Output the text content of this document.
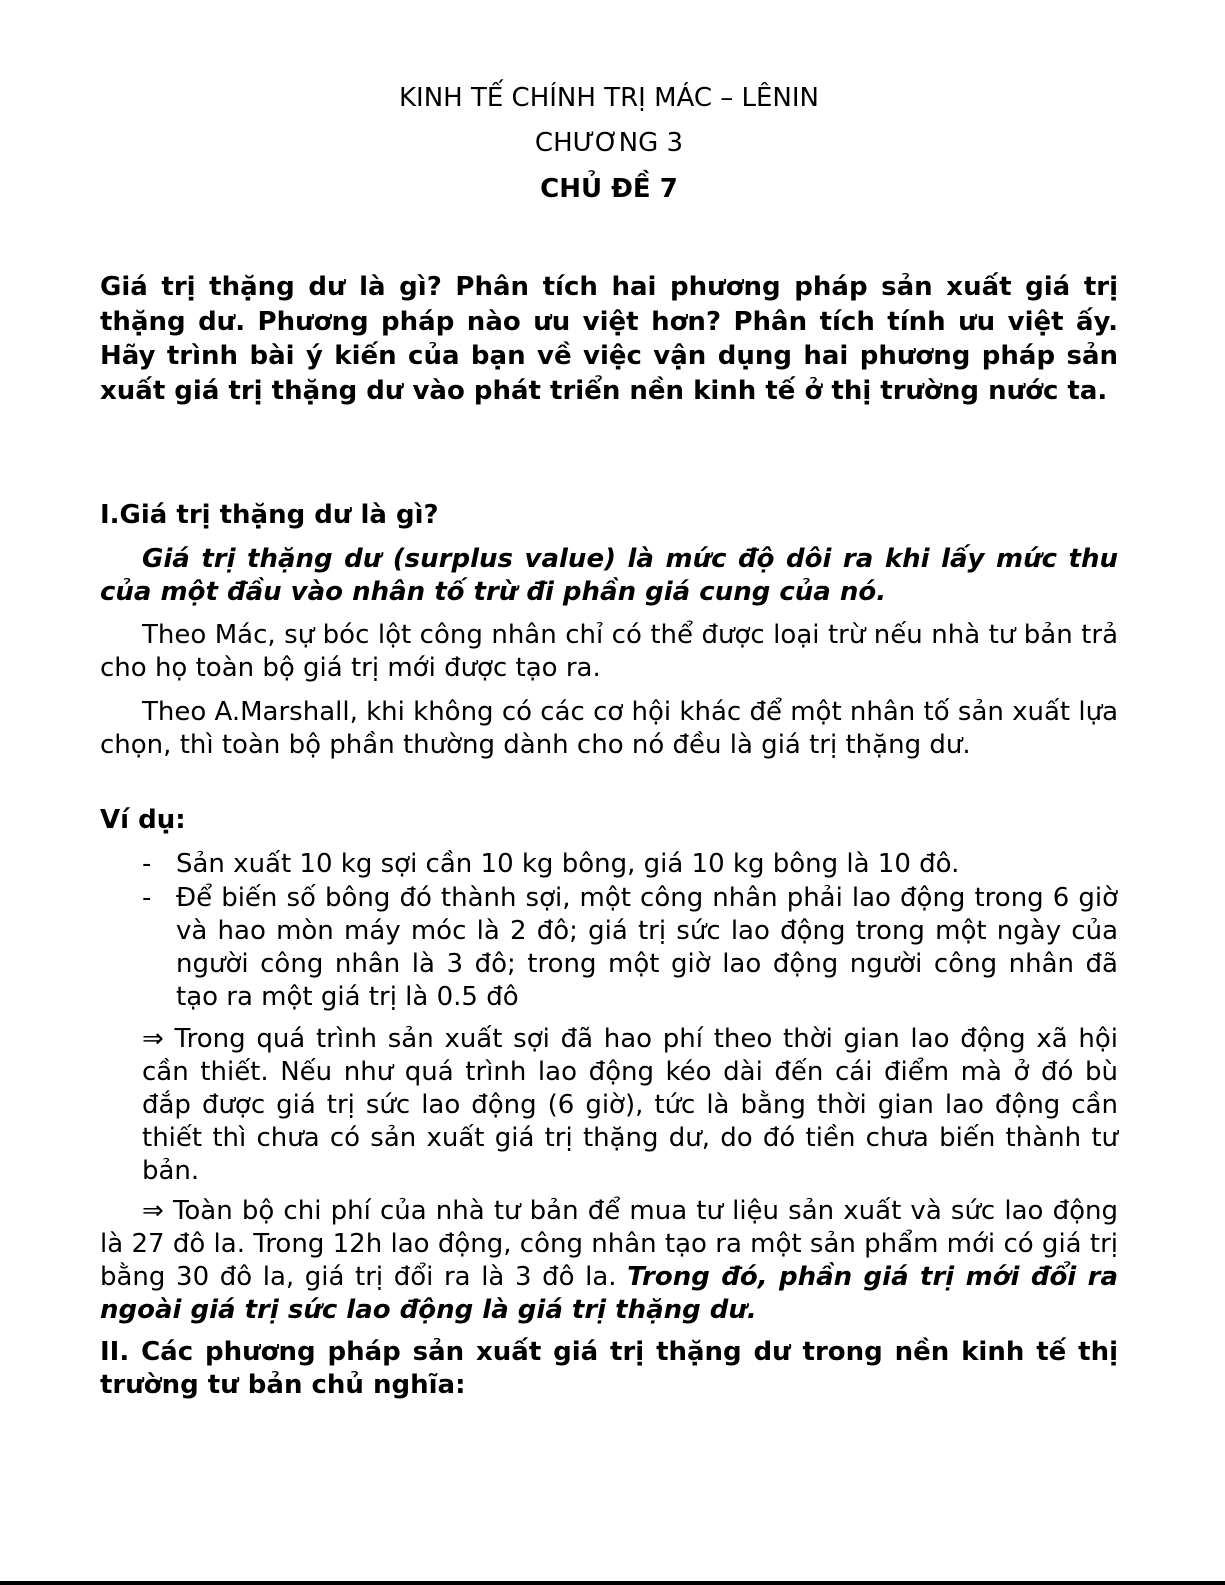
KINH TẾ CHÍNH TRỊ MÁC – LÊNIN

CHƯƠNG 3

CHỦ ĐỀ 7

Giá trị thặng dư là gì? Phân tích hai phương pháp sản xuất giá trị thặng dư. Phương pháp nào ưu việt hơn? Phân tích tính ưu việt ấy. Hãy trình bài ý kiến của bạn về việc vận dụng hai phương pháp sản xuất giá trị thặng dư vào phát triển nền kinh tế ở thị trường nước ta.

I.Giá trị thặng dư là gì?

Giá trị thặng dư (surplus value) là mức độ dôi ra khi lấy mức thu của một đầu vào nhân tố trừ đi phần giá cung của nó.

Theo Mác, sự bóc lột công nhân chỉ có thể được loại trừ nếu nhà tư bản trả cho họ toàn bộ giá trị mới được tạo ra.

Theo A.Marshall, khi không có các cơ hội khác để một nhân tố sản xuất lựa chọn, thì toàn bộ phần thường dành cho nó đều là giá trị thặng dư.

Ví dụ:

- Sản xuất 10 kg sợi cần 10 kg bông, giá 10 kg bông là 10 đô.
- Để biến số bông đó thành sợi, một công nhân phải lao động trong 6 giờ và hao mòn máy móc là 2 đô; giá trị sức lao động trong một ngày của người công nhân là 3 đô; trong một giờ lao động người công nhân đã tạo ra một giá trị là 0.5 đô

⇒ Trong quá trình sản xuất sợi đã hao phí theo thời gian lao động xã hội cần thiết. Nếu như quá trình lao động kéo dài đến cái điểm mà ở đó bù đắp được giá trị sức lao động (6 giờ), tức là bằng thời gian lao động cần thiết thì chưa có sản xuất giá trị thặng dư, do đó tiền chưa biến thành tư bản.

⇒ Toàn bộ chi phí của nhà tư bản để mua tư liệu sản xuất và sức lao động là 27 đô la. Trong 12h lao động, công nhân tạo ra một sản phẩm mới có giá trị bằng 30 đô la, giá trị đổi ra là 3 đô la. Trong đó, phần giá trị mới đổi ra ngoài giá trị sức lao động là giá trị thặng dư.

II. Các phương pháp sản xuất giá trị thặng dư trong nền kinh tế thị trường tư bản chủ nghĩa:
